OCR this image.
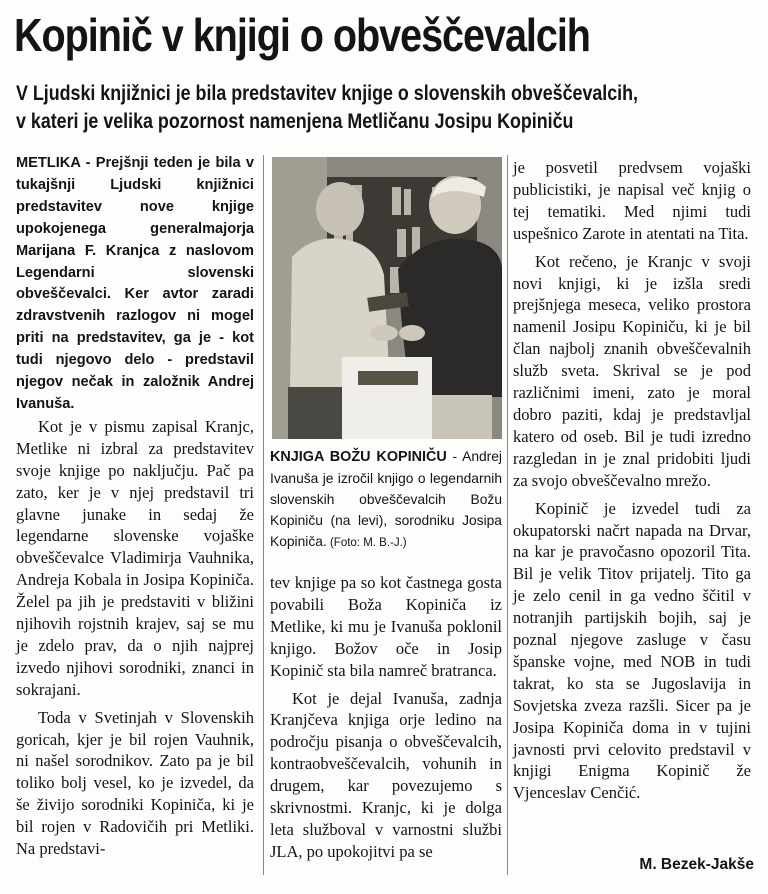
Kopinič v knjigi o obveščevalcih
V Ljudski knjižnici je bila predstavitev knjige o slovenskih obveščevalcih,
v kateri je velika pozornost namenjena Metličanu Josipu Kopiniču
METLIKA - Prejšnji teden je bila v tukajšnji Ljudski knjižnici predstavitev nove knjige upokojenega generalmajorja Marijana F. Kranjca z naslovom Legendarni slovenski obveščevalci. Ker avtor zaradi zdravstvenih razlogov ni mogel priti na predstavitev, ga je - kot tudi njegovo delo - predstavil njegov nečak in založnik Andrej Ivanuša.

Kot je v pismu zapisal Kranjc, Metlike ni izbral za predstavitev svoje knjige po naključju. Pač pa zato, ker je v njej predstavil tri glavne junake in sedaj že legendarne slovenske vojaške obveščevalce Vladimirja Vauhnika, Andreja Kobala in Josipa Kopiniča. Želel pa jih je predstaviti v bližini njihovih rojstnih krajev, saj se mu je zdelo prav, da o njih najprej izvedo njihovi sorodniki, znanci in sokrajani.

Toda v Svetinjah v Slovenskih goricah, kjer je bil rojen Vauhnik, ni našel sorodnikov. Zato pa je bil toliko bolj vesel, ko je izvedel, da še živijo sorodniki Kopiniča, ki je bil rojen v Radovičih pri Metliki. Na predstavi-

KNJIGA BOŽU KOPINIČU - Andrej Ivanuša je izročil knjigo o legendarnih slovenskih obveščevalcih Božu Kopiniču (na levi), sorodniku Josipa Kopiniča. (Foto: M. B.-J.)

tev knjige pa so kot častnega gosta povabili Boža Kopiniča iz Metlike, ki mu je Ivanuša poklonil knjigo. Božov oče in Josip Kopinič sta bila namreč bratranca.

Kot je dejal Ivanuša, zadnja Kranjčeva knjiga orje ledino na področju pisanja o obveščevalcih, kontraobveščevalcih, vohunih in drugem, kar povezujemo s skrivnostmi. Kranjc, ki je dolga leta služboval v varnostni službi JLA, po upokojitvi pa se

je posvetil predvsem vojaški publicistiki, je napisal več knjig o tej tematiki. Med njimi tudi uspešnico Zarote in atentati na Tita.

Kot rečeno, je Kranjc v svoji novi knjigi, ki je izšla sredi prejšnjega meseca, veliko prostora namenil Josipu Kopiniču, ki je bil član najbolj znanih obveščevalnih služb sveta. Skrival se je pod različnimi imeni, zato je moral dobro paziti, kdaj je predstavljal katero od oseb. Bil je tudi izredno razgledan in je znal pridobiti ljudi za svojo obveščevalno mrežo.

Kopinič je izvedel tudi za okupatorski načrt napada na Drvar, na kar je pravočasno opozoril Tita. Bil je velik Titov prijatelj. Tito ga je zelo cenil in ga vedno ščitil v notranjih partijskih bojih, saj je poznal njegove zasluge v času španske vojne, med NOB in tudi takrat, ko sta se Jugoslavija in Sovjetska zveza razšli. Sicer pa je Josipa Kopiniča doma in v tujini javnosti prvi celovito predstavil v knjigi Enigma Kopinič že Vjenceslav Cenčić.

M. Bezek-Jakše
